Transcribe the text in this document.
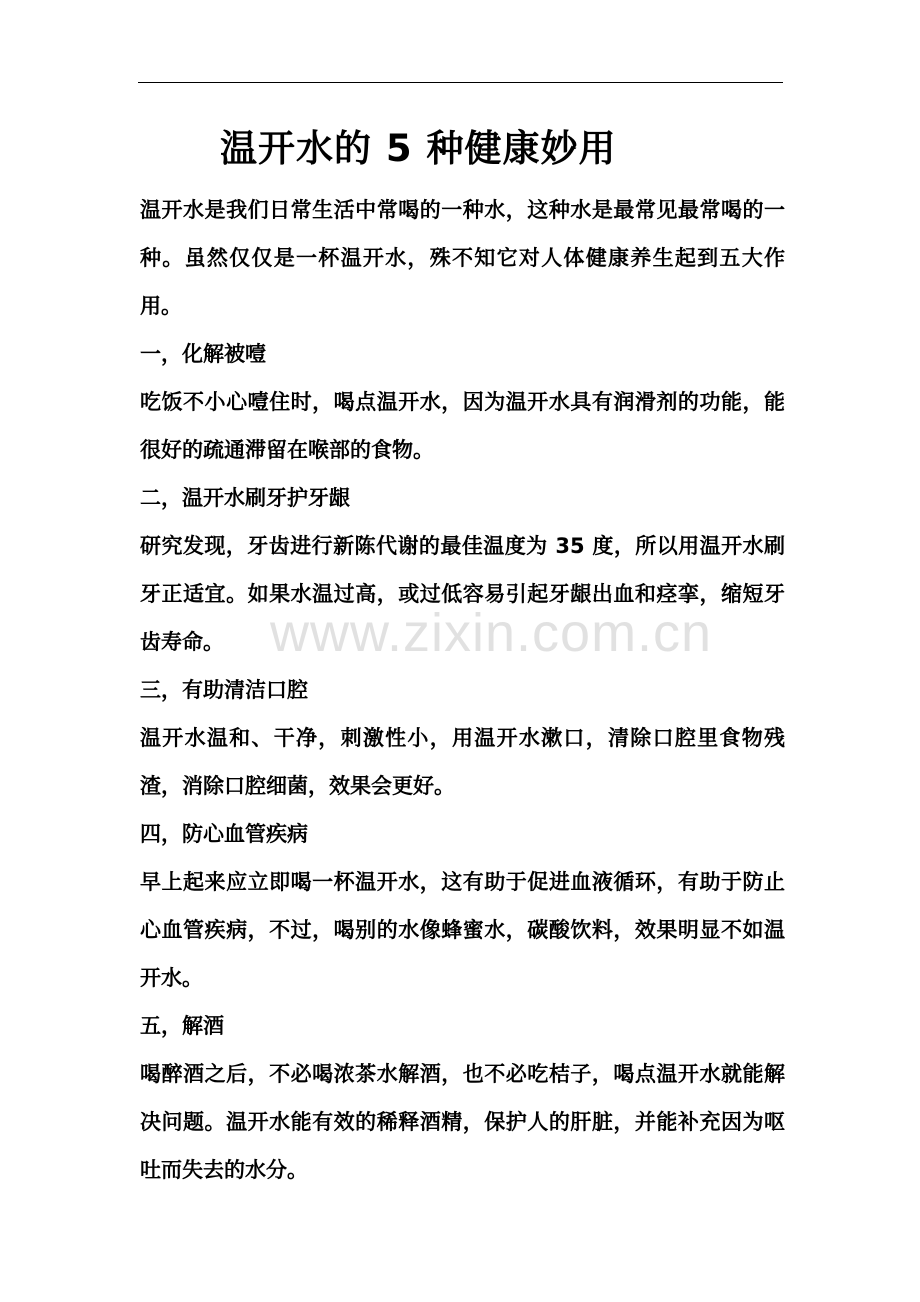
温开水的 5 种健康妙用

温开水是我们日常生活中常喝的一种水，这种水是最常见最常喝的一种。虽然仅仅是一杯温开水，殊不知它对人体健康养生起到五大作用。

一，化解被噎

吃饭不小心噎住时，喝点温开水，因为温开水具有润滑剂的功能，能很好的疏通滞留在喉部的食物。

二，温开水刷牙护牙龈

研究发现，牙齿进行新陈代谢的最佳温度为 35 度，所以用温开水刷牙正适宜。如果水温过高，或过低容易引起牙龈出血和痉挛，缩短牙齿寿命。

三，有助清洁口腔

温开水温和、干净，刺激性小，用温开水漱口，清除口腔里食物残渣，消除口腔细菌，效果会更好。

四，防心血管疾病

早上起来应立即喝一杯温开水，这有助于促进血液循环，有助于防止心血管疾病，不过，喝别的水像蜂蜜水，碳酸饮料，效果明显不如温开水。

五，解酒

喝醉酒之后，不必喝浓茶水解酒，也不必吃桔子，喝点温开水就能解决问题。温开水能有效的稀释酒精，保护人的肝脏，并能补充因为呕吐而失去的水分。

www.zixin.com.cn
